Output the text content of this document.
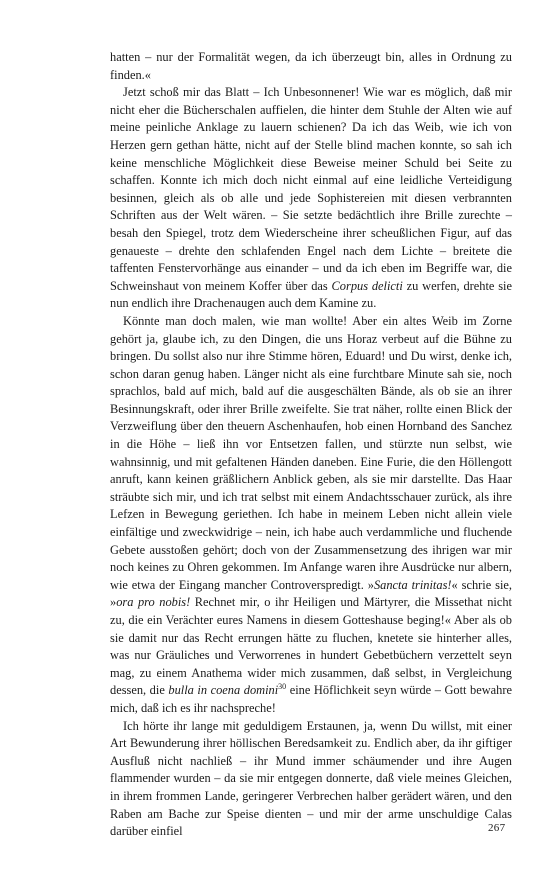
hatten – nur der Formalität wegen, da ich überzeugt bin, alles in Ordnung zu finden.«

Jetzt schoß mir das Blatt – Ich Unbesonnener! Wie war es möglich, daß mir nicht eher die Bücherschalen auffielen, die hinter dem Stuhle der Alten wie auf meine peinliche Anklage zu lauern schienen? Da ich das Weib, wie ich von Herzen gern gethan hätte, nicht auf der Stelle blind machen konnte, so sah ich keine menschliche Möglichkeit diese Beweise meiner Schuld bei Seite zu schaffen. Konnte ich mich doch nicht einmal auf eine leidliche Verteidigung besinnen, gleich als ob alle und jede Sophistereien mit diesen verbrannten Schriften aus der Welt wären. – Sie setzte bedächtlich ihre Brille zurechte – besah den Spiegel, trotz dem Wiederscheine ihrer scheußlichen Figur, auf das genaueste – drehte den schlafenden Engel nach dem Lichte – breitete die taffenten Fenstervorhänge aus einander – und da ich eben im Begriffe war, die Schweinshaut von meinem Koffer über das Corpus delicti zu werfen, drehte sie nun endlich ihre Drachenaugen auch dem Kamine zu.

Könnte man doch malen, wie man wollte! Aber ein altes Weib im Zorne gehört ja, glaube ich, zu den Dingen, die uns Horaz verbeut auf die Bühne zu bringen. Du sollst also nur ihre Stimme hören, Eduard! und Du wirst, denke ich, schon daran genug haben. Länger nicht als eine furchtbare Minute sah sie, noch sprachlos, bald auf mich, bald auf die ausgeschälten Bände, als ob sie an ihrer Besinnungskraft, oder ihrer Brille zweifelte. Sie trat näher, rollte einen Blick der Verzweiflung über den theuern Aschenhaufen, hob einen Hornband des Sanchez in die Höhe – ließ ihn vor Entsetzen fallen, und stürzte nun selbst, wie wahnsinnig, und mit gefaltenen Händen daneben. Eine Furie, die den Höllengott anruft, kann keinen gräßlichern Anblick geben, als sie mir darstellte. Das Haar sträubte sich mir, und ich trat selbst mit einem Andachtsschauer zurück, als ihre Lefzen in Bewegung geriethen. Ich habe in meinem Leben nicht allein viele einfältige und zweckwidrige – nein, ich habe auch verdammliche und fluchende Gebete ausstoßen gehört; doch von der Zusammensetzung des ihrigen war mir noch keines zu Ohren gekommen. Im Anfange waren ihre Ausdrücke nur albern, wie etwa der Eingang mancher Controverspredigt. »Sancta trinitas!« schrie sie, »ora pro nobis! Rechnet mir, o ihr Heiligen und Märtyrer, die Missethat nicht zu, die ein Verächter eures Namens in diesem Gotteshause beging!« Aber als ob sie damit nur das Recht errungen hätte zu fluchen, knetete sie hinterher alles, was nur Gräuliches und Verworrenes in hundert Gebetbüchern verzettelt seyn mag, zu einem Anathema wider mich zusammen, daß selbst, in Vergleichung dessen, die bulla in coena domini$^{30}$ eine Höflichkeit seyn würde – Gott bewahre mich, daß ich es ihr nachspreche!

Ich hörte ihr lange mit geduldigem Erstaunen, ja, wenn Du willst, mit einer Art Bewunderung ihrer höllischen Beredsamkeit zu. Endlich aber, da ihr giftiger Ausfluß nicht nachließ – ihr Mund immer schäumender und ihre Augen flammender wurden – da sie mir entgegen donnerte, daß viele meines Gleichen, in ihrem frommen Lande, geringerer Verbrechen halber gerädert wären, und den Raben am Bache zur Speise dienten – und mir der arme unschuldige Calas darüber einfiel	267
